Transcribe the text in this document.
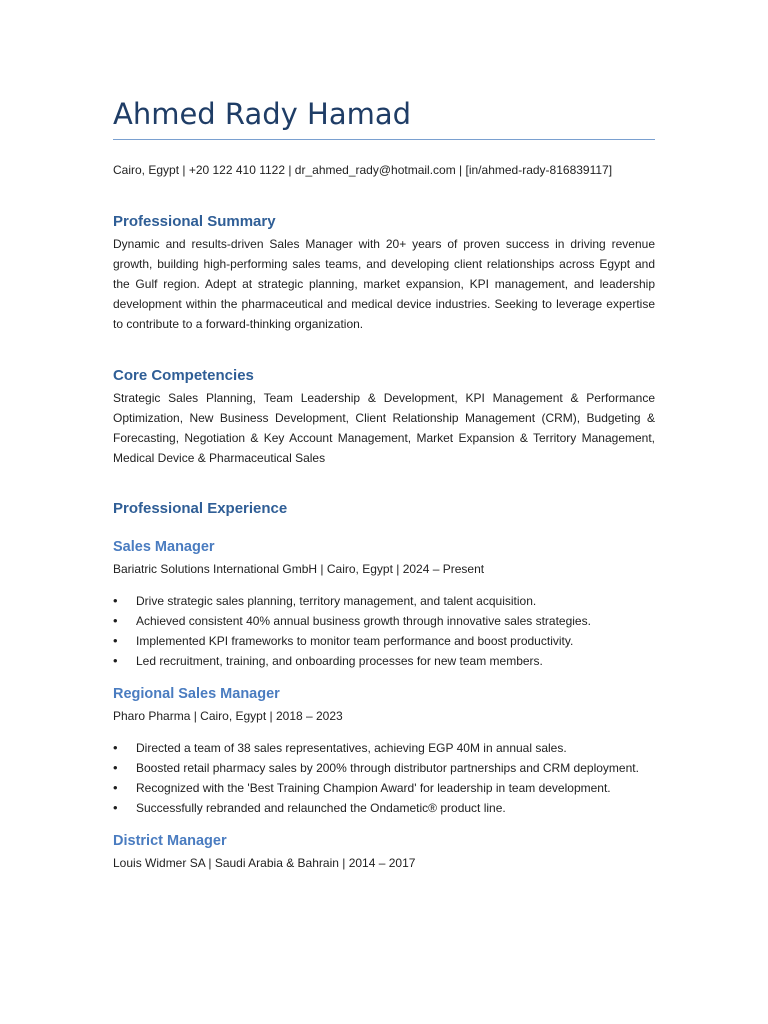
Ahmed Rady Hamad
Cairo, Egypt | +20 122 410 1122 | dr_ahmed_rady@hotmail.com | [in/ahmed-rady-816839117]
Professional Summary

Dynamic and results-driven Sales Manager with 20+ years of proven success in driving revenue growth, building high-performing sales teams, and developing client relationships across Egypt and the Gulf region. Adept at strategic planning, market expansion, KPI management, and leadership development within the pharmaceutical and medical device industries. Seeking to leverage expertise to contribute to a forward-thinking organization.

Core Competencies

Strategic Sales Planning, Team Leadership & Development, KPI Management & Performance Optimization, New Business Development, Client Relationship Management (CRM), Budgeting & Forecasting, Negotiation & Key Account Management, Market Expansion & Territory Management, Medical Device & Pharmaceutical Sales

Professional Experience
Sales Manager
Bariatric Solutions International GmbH | Cairo, Egypt | 2024 – Present
• Drive strategic sales planning, territory management, and talent acquisition.
• Achieved consistent 40% annual business growth through innovative sales strategies.
• Implemented KPI frameworks to monitor team performance and boost productivity.
• Led recruitment, training, and onboarding processes for new team members.
Regional Sales Manager
Pharo Pharma | Cairo, Egypt | 2018 – 2023
• Directed a team of 38 sales representatives, achieving EGP 40M in annual sales.
• Boosted retail pharmacy sales by 200% through distributor partnerships and CRM deployment.
• Recognized with the 'Best Training Champion Award' for leadership in team development.
• Successfully rebranded and relaunched the Ondametic® product line.
District Manager
Louis Widmer SA | Saudi Arabia & Bahrain | 2014 – 2017
